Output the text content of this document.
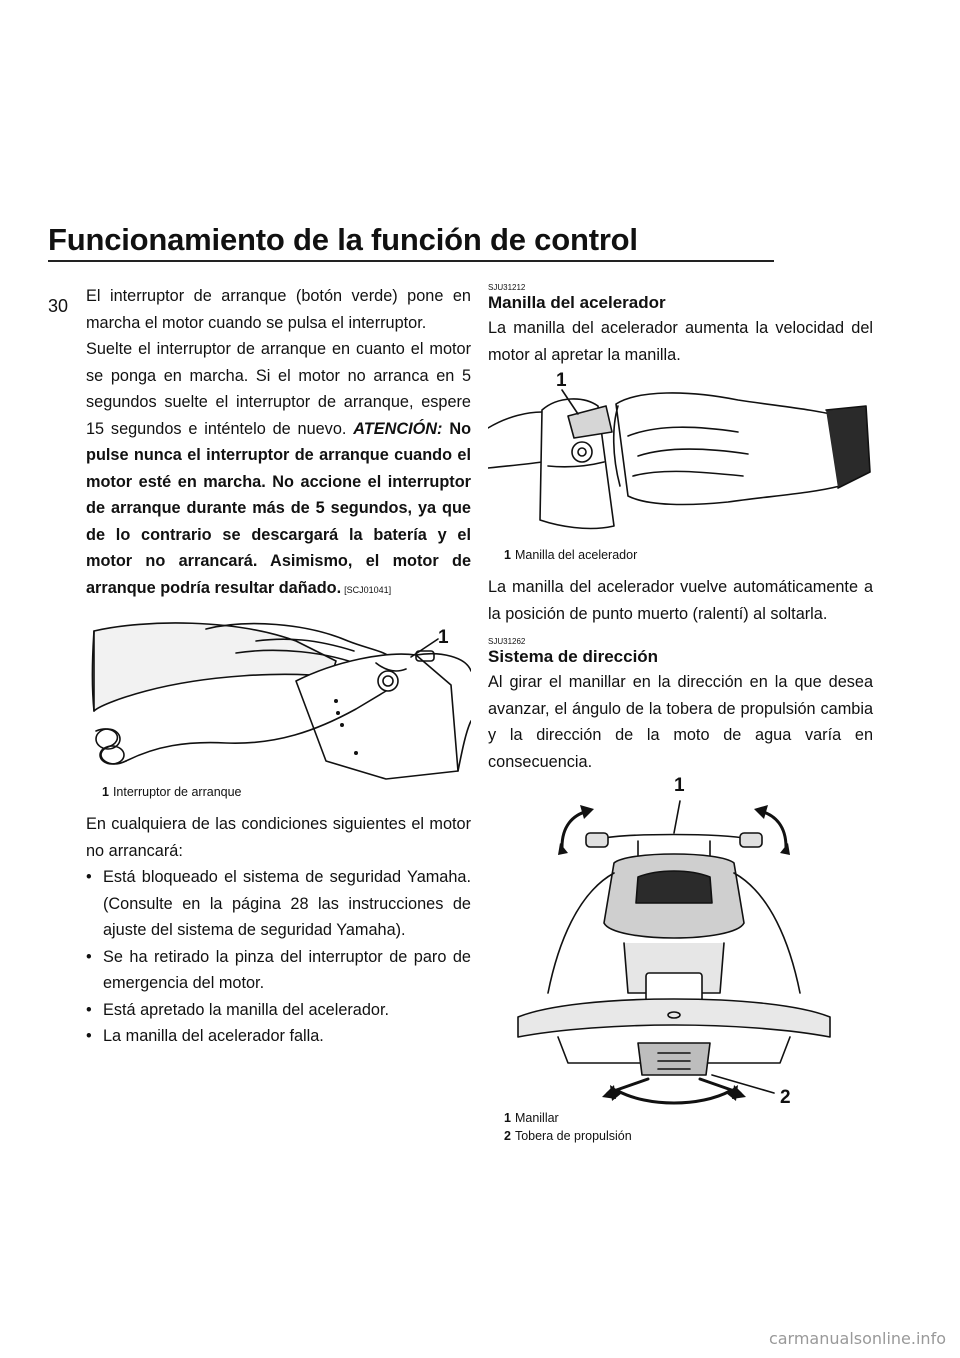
Funcionamiento de la función de control
30 El interruptor de arranque (botón verde) pone en marcha el motor cuando se pulsa el interruptor.

Suelte el interruptor de arranque en cuanto el motor se ponga en marcha. Si el motor no arranca en 5 segundos suelte el interruptor de arranque, espere 15 segundos e inténtelo de nuevo. ATENCIÓN: No pulse nunca el interruptor de arranque cuando el motor esté en marcha. No accione el interruptor de arranque durante más de 5 segundos, ya que de lo contrario se descargará la batería y el motor no arrancará. Asimismo, el motor de arranque podría resultar dañado. [SCJ01041]

1

1 Interruptor de arranque

En cualquiera de las condiciones siguientes el motor no arrancará:

• Está bloqueado el sistema de seguridad Yamaha. (Consulte en la página 28 las instrucciones de ajuste del sistema de seguridad Yamaha).
• Se ha retirado la pinza del interruptor de paro de emergencia del motor.
• Está apretado la manilla del acelerador.
• La manilla del acelerador falla.
SJU31212
Manilla del acelerador

La manilla del acelerador aumenta la velocidad del motor al apretar la manilla.

1

1 Manilla del acelerador

La manilla del acelerador vuelve automáticamente a la posición de punto muerto (ralentí) al soltarla.

SJU31262
Sistema de dirección

Al girar el manillar en la dirección en la que desea avanzar, el ángulo de la tobera de propulsión cambia y la dirección de la moto de agua varía en consecuencia.

1
2

1 Manillar

2 Tobera de propulsión

carmanualsonline.info
